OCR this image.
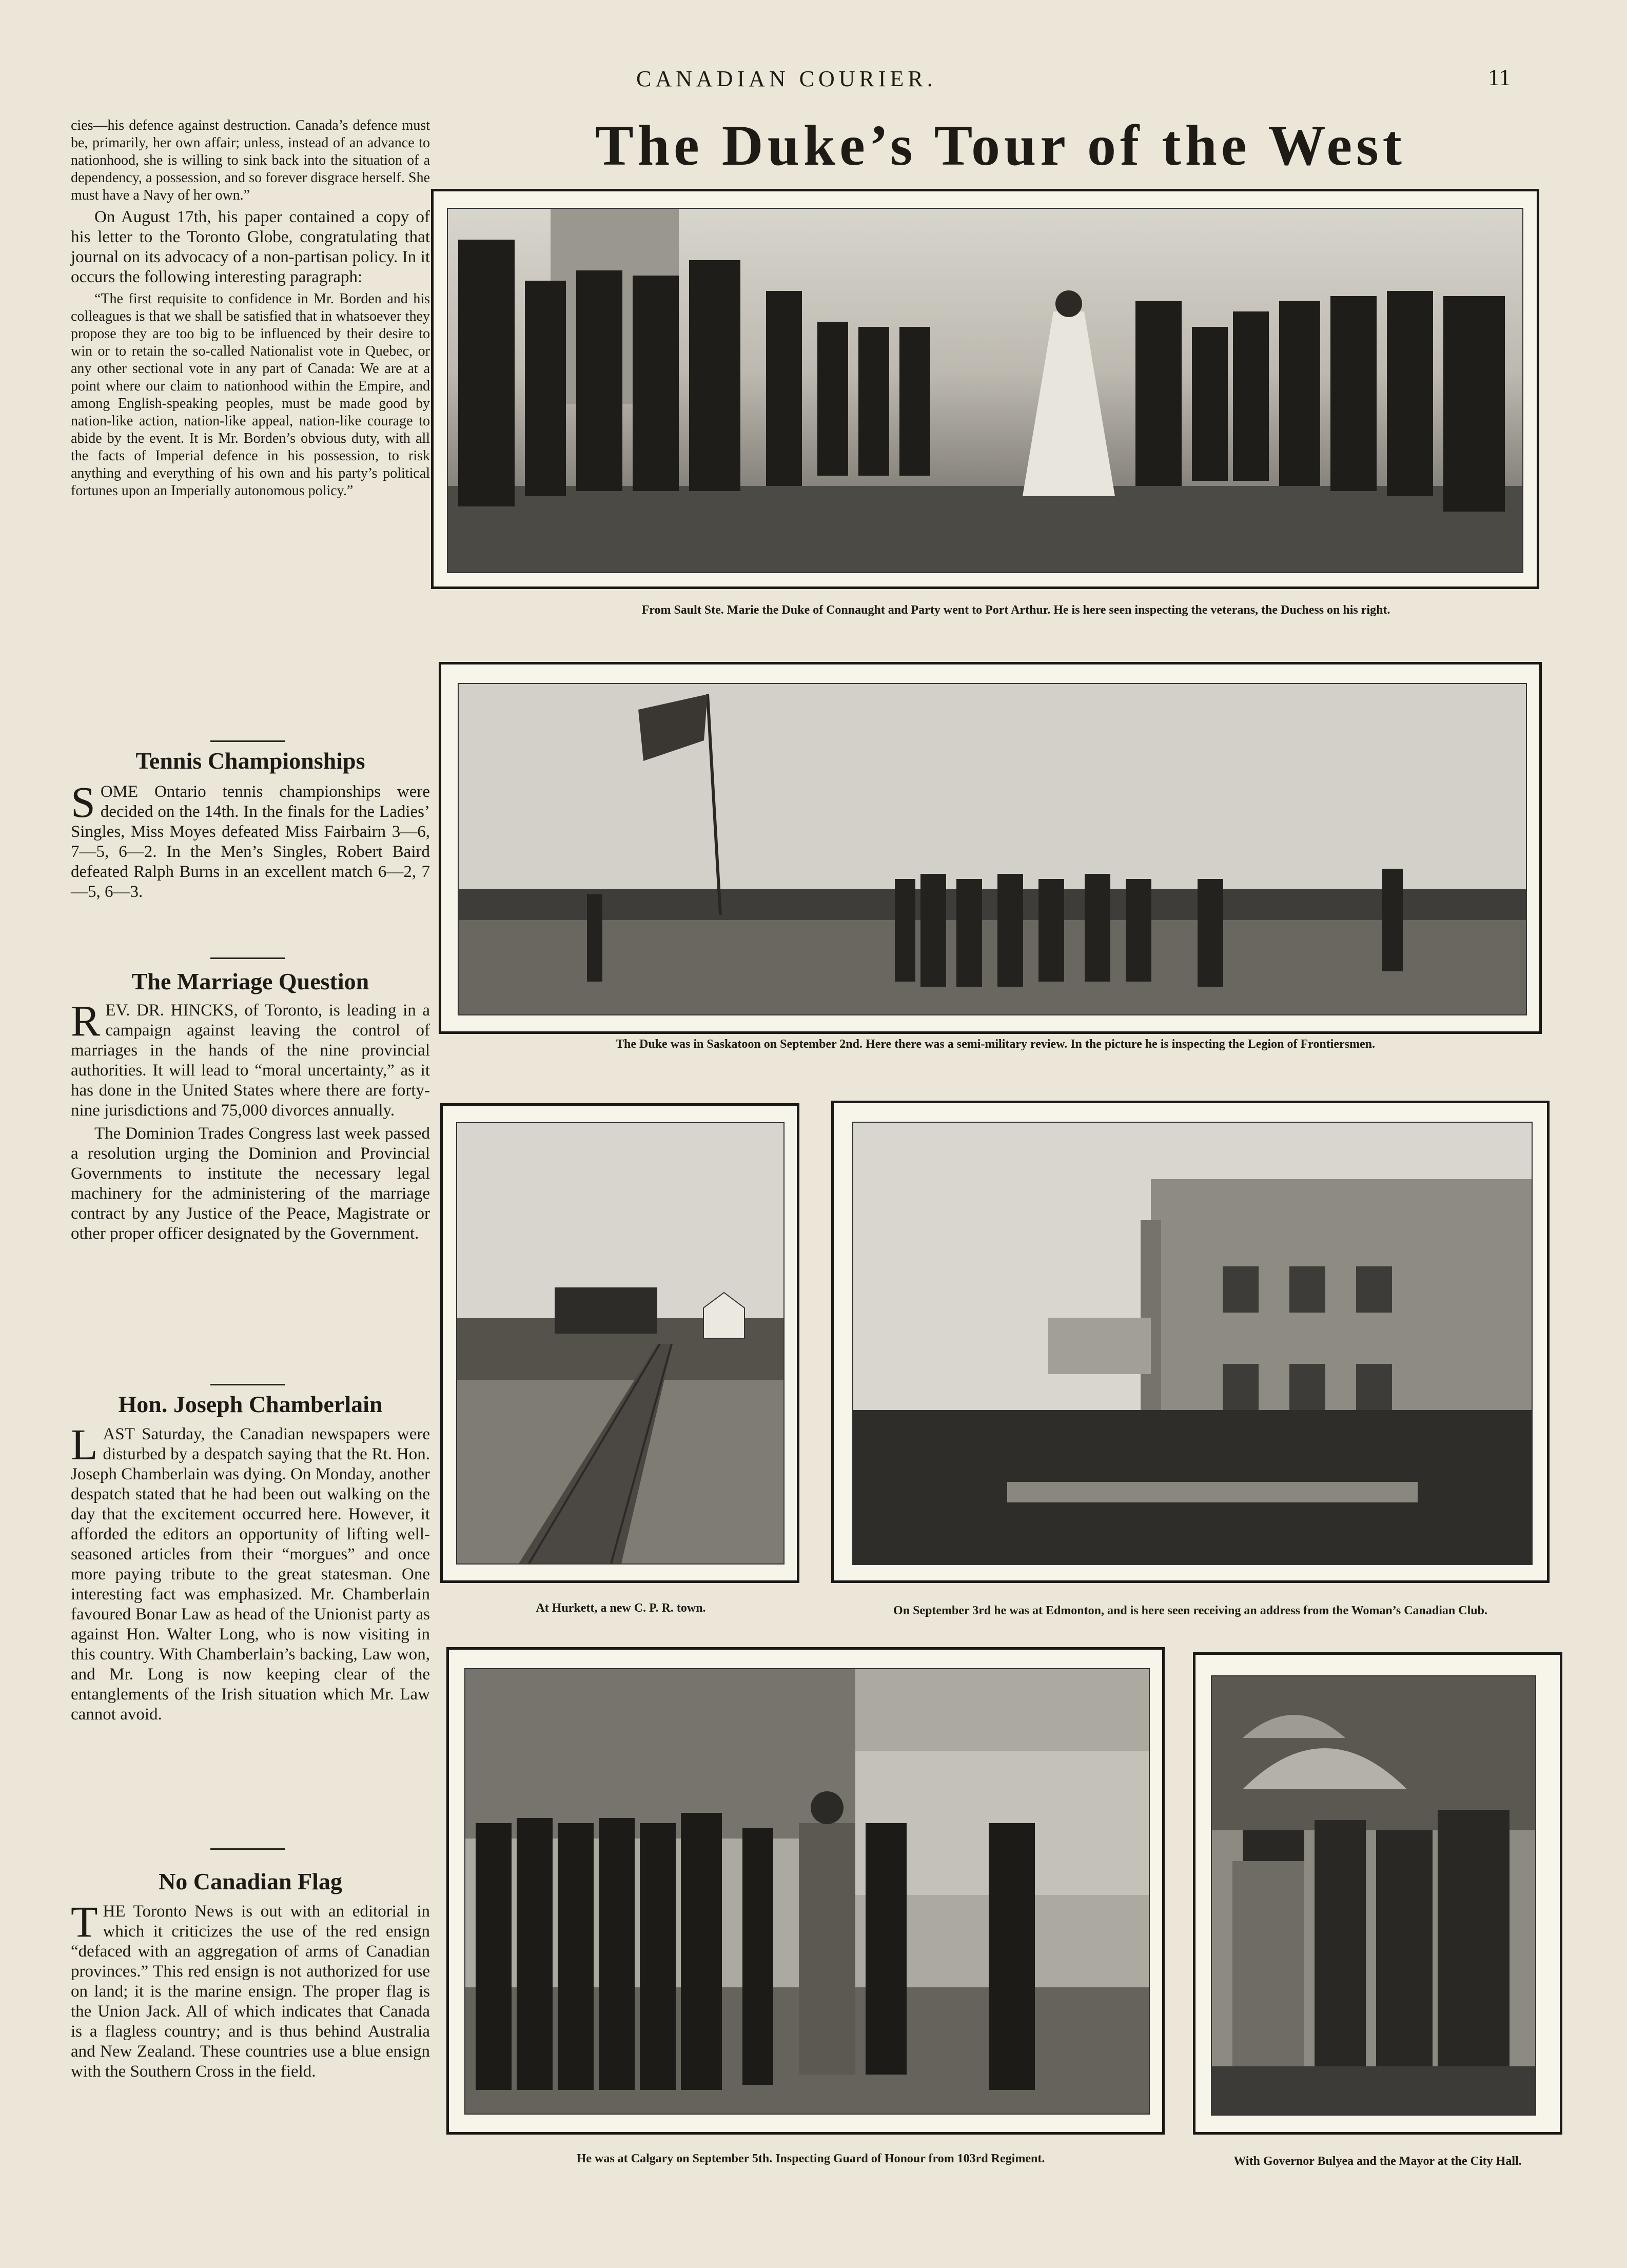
CANADIAN COURIER.	11
The Duke’s Tour of the West

cies—his defence against destruction. Canada’s defence must be, primarily, her own affair; unless, instead of an advance to nationhood, she is willing to sink back into the situation of a dependency, a possession, and so forever disgrace herself. She must have a Navy of her own.”

On August 17th, his paper contained a copy of his letter to the Toronto Globe, congratulating that journal on its advocacy of a non-partisan policy. In it occurs the following interesting paragraph:

“The first requisite to confidence in Mr. Borden and his colleagues is that we shall be satisfied that in whatsoever they propose they are too big to be influenced by their desire to win or to retain the so-called Nationalist vote in Quebec, or any other sectional vote in any part of Canada: We are at a point where our claim to nationhood within the Empire, and among English-speaking peoples, must be made good by nation-like action, nation-like appeal, nation-like courage to abide by the event. It is Mr. Borden’s obvious duty, with all the facts of Imperial defence in his possession, to risk anything and everything of his own and his party’s political fortunes upon an Imperially autonomous policy.”

Tennis Championships

SOME Ontario tennis championships were decided on the 14th. In the finals for the Ladies’ Singles, Miss Moyes defeated Miss Fairbairn 3—6, 7—5, 6—2. In the Men’s Singles, Robert Baird defeated Ralph Burns in an excellent match 6—2, 7—5, 6—3.

The Marriage Question

REV. DR. HINCKS, of Toronto, is leading in a campaign against leaving the control of marriages in the hands of the nine provincial authorities. It will lead to “moral uncertainty,” as it has done in the United States where there are forty-nine jurisdictions and 75,000 divorces annually.

The Dominion Trades Congress last week passed a resolution urging the Dominion and Provincial Governments to institute the necessary legal machinery for the administering of the marriage contract by any Justice of the Peace, Magistrate or other proper officer designated by the Government.

Hon. Joseph Chamberlain

LAST Saturday, the Canadian newspapers were disturbed by a despatch saying that the Rt. Hon. Joseph Chamberlain was dying. On Monday, another despatch stated that he had been out walking on the day that the excitement occurred here. However, it afforded the editors an opportunity of lifting well-seasoned articles from their “morgues” and once more paying tribute to the great statesman. One interesting fact was emphasized. Mr. Chamberlain favoured Bonar Law as head of the Unionist party as against Hon. Walter Long, who is now visiting in this country. With Chamberlain’s backing, Law won, and Mr. Long is now keeping clear of the entanglements of the Irish situation which Mr. Law cannot avoid.

No Canadian Flag

THE Toronto News is out with an editorial in which it criticizes the use of the red ensign “defaced with an aggregation of arms of Canadian provinces.” This red ensign is not authorized for use on land; it is the marine ensign. The proper flag is the Union Jack. All of which indicates that Canada is a flagless country; and is thus behind Australia and New Zealand. These countries use a blue ensign with the Southern Cross in the field.

From Sault Ste. Marie the Duke of Connaught and Party went to Port Arthur. He is here seen inspecting the veterans, the Duchess on his right.
The Duke was in Saskatoon on September 2nd. Here there was a semi-military review. In the picture he is inspecting the Legion of Frontiersmen.
At Hurkett, a new C. P. R. town.	On September 3rd he was at Edmonton, and is here seen receiving an address from the Woman’s Canadian Club.
He was at Calgary on September 5th. Inspecting Guard of Honour from 103rd Regiment.	With Governor Bulyea and the Mayor at the City Hall.
